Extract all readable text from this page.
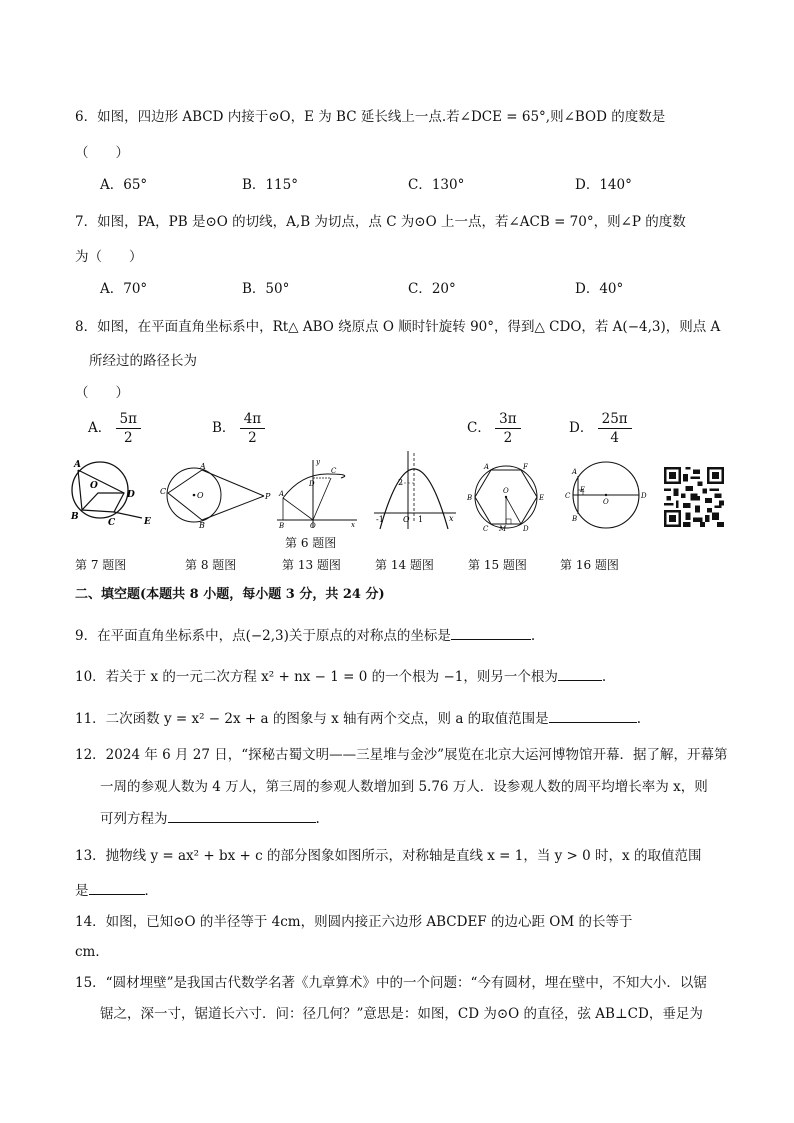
6．如图，四边形 ABCD 内接于⊙O，E 为 BC 延长线上一点.若∠DCE = 65°,则∠BOD 的度数是
（　　）
A．65°	B．115°	C．130°	D．140°
7．如图，PA，PB 是⊙O 的切线，A,B 为切点，点 C 为⊙O 上一点，若∠ACB = 70°，则∠P 的度数
为（　　）
A．70°	B．50°	C．20°	D．40°
8．如图，在平面直角坐标系中，Rt△ ABO 绕原点 O 顺时针旋转 90°，得到△ CDO，若 A(−4,3)，则点 A
所经过的路径长为
（　　）
A． $\frac{5\pi}{2}$	B． $\frac{4\pi}{2}$	C． $\frac{3\pi}{2}$	D． $\frac{25\pi}{4}$
A
O
D
B
C	E
A
C	O	P
B
y
C
D
A
B	O	x
第 6 题图
2
-1 O 1	x
A	F
B
O
E
C M D
A
C
E
B
O
D
第 7 题图	第 8 题图	第 13 题图	第 14 题图	第 15 题图	第 16 题图
二、填空题(本题共 8 小题，每小题 3 分，共 24 分)
9．在平面直角坐标系中，点(−2,3)关于原点的对称点的坐标是	.
10．若关于 x 的一元二次方程 x² + nx − 1 = 0 的一个根为 −1，则另一个根为	.
11．二次函数 y = x² − 2x + a 的图象与 x 轴有两个交点，则 a 的取值范围是	.
12．2024 年 6 月 27 日，“探秘古蜀文明——三星堆与金沙”展览在北京大运河博物馆开幕．据了解，开幕第
一周的参观人数为 4 万人，第三周的参观人数增加到 5.76 万人．设参观人数的周平均增长率为 x，则
可列方程为	.
13．抛物线 y = ax² + bx + c 的部分图象如图所示，对称轴是直线 x = 1，当 y > 0 时，x 的取值范围
是	．
14．如图，已知⊙O 的半径等于 4cm，则圆内接正六边形 ABCDEF 的边心距 OM 的长等于
cm．
15．“圆材埋壁”是我国古代数学名著《九章算术》中的一个问题：“今有圆材，埋在壁中，不知大小．以锯
锯之，深一寸，锯道长六寸．问：径几何？”意思是：如图，CD 为⊙O 的直径，弦 AB⊥CD，垂足为
